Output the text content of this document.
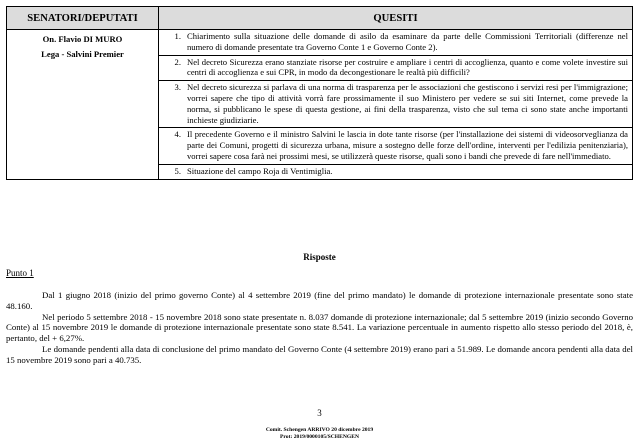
SENATORI/DEPUTATI	QUESITI

On. Flavio DI MURO
Lega - Salvini Premier

1.	Chiarimento sulla situazione delle domande di asilo da esaminare da parte delle Commissioni Territoriali (differenze nel numero di domande presentate tra Governo Conte 1 e Governo Conte 2).
2.	Nel decreto Sicurezza erano stanziate risorse per costruire e ampliare i centri di accoglienza, quanto e come volete investire sui centri di accoglienza e sui CPR, in modo da decongestionare le realtà più difficili?
3.	Nel decreto sicurezza si parlava di una norma di trasparenza per le associazioni che gestiscono i servizi resi per l'immigrazione; vorrei sapere che tipo di attività vorrà fare prossimamente il suo Ministero per vedere se sui siti Internet, come prevede la norma, si pubblicano le spese di questa gestione, ai fini della trasparenza, visto che sul tema ci sono state anche importanti inchieste giudiziarie.
4.	Il precedente Governo e il ministro Salvini le lascia in dote tante risorse (per l'installazione dei sistemi di videosorveglianza da parte dei Comuni, progetti di sicurezza urbana, misure a sostegno delle forze dell'ordine, interventi per l'edilizia penitenziaria), vorrei sapere cosa farà nei prossimi mesi, se utilizzerà queste risorse, quali sono i bandi che prevede di fare nell'immediato.
5.	Situazione del campo Roja di Ventimiglia.
Risposte
Punto 1

Dal 1 giugno 2018 (inizio del primo governo Conte) al 4 settembre 2019 (fine del primo mandato) le domande di protezione internazionale presentate sono state 48.160.

Nel periodo 5 settembre 2018 - 15 novembre 2018 sono state presentate n. 8.037 domande di protezione internazionale; dal 5 settembre 2019 (inizio secondo Governo Conte) al 15 novembre 2019 le domande di protezione internazionale presentate sono state 8.541. La variazione percentuale in aumento rispetto allo stesso periodo del 2018, è, pertanto, del + 6,27%.

Le domande pendenti alla data di conclusione del primo mandato del Governo Conte (4 settembre 2019) erano pari a 51.989. Le domande ancora pendenti alla data del 15 novembre 2019 sono pari a 40.735.

3
Comit. Schengen ARRIVO 20 dicembre 2019
Prot: 2019/0000105/SCHENGEN
